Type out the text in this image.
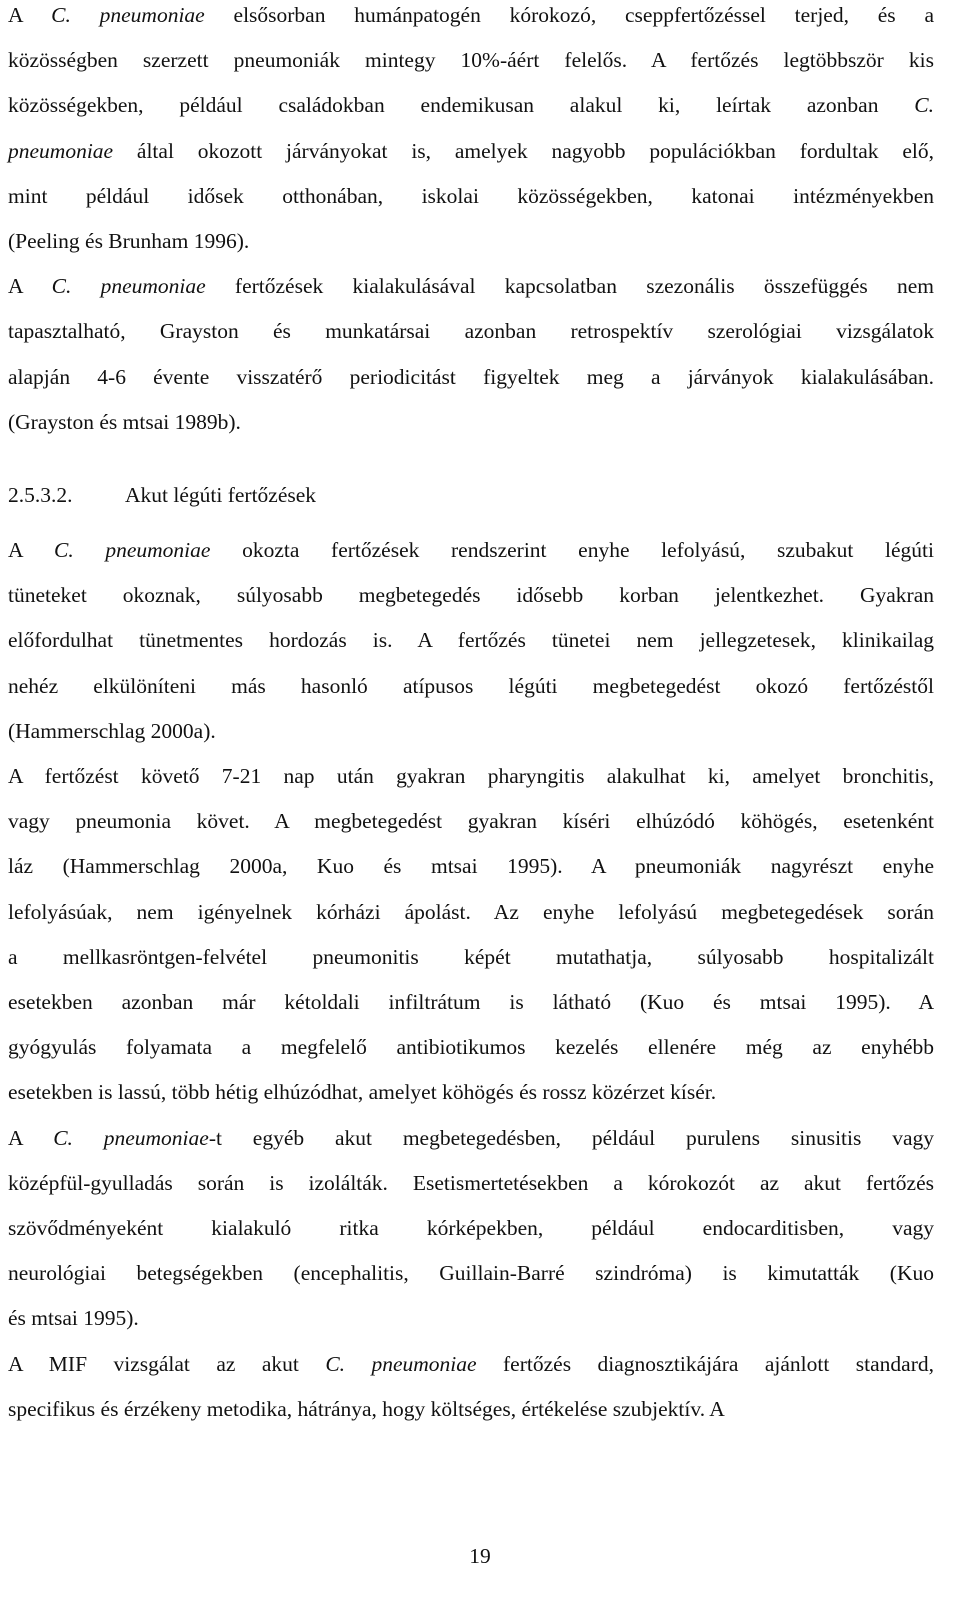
A C. pneumoniae elsősorban humánpatogén kórokozó, cseppfertőzéssel terjed, és a
közösségben szerzett pneumoniák mintegy 10%-áért felelős. A fertőzés legtöbbször kis
közösségekben, például családokban endemikusan alakul ki, leírtak azonban C.
pneumoniae által okozott járványokat is, amelyek nagyobb populációkban fordultak elő,
mint például idősek otthonában, iskolai közösségekben, katonai intézményekben
(Peeling és Brunham 1996).
A C. pneumoniae fertőzések kialakulásával kapcsolatban szezonális összefüggés nem
tapasztalható, Grayston és munkatársai azonban retrospektív szerológiai vizsgálatok
alapján 4-6 évente visszatérő periodicitást figyeltek meg a járványok kialakulásában.
(Grayston és mtsai 1989b).
A C. pneumoniae okozta fertőzések rendszerint enyhe lefolyású, szubakut légúti
tüneteket okoznak, súlyosabb megbetegedés idősebb korban jelentkezhet. Gyakran
előfordulhat tünetmentes hordozás is. A fertőzés tünetei nem jellegzetesek, klinikailag
nehéz elkülöníteni más hasonló atípusos légúti megbetegedést okozó fertőzéstől
(Hammerschlag 2000a).
A fertőzést követő 7-21 nap után gyakran pharyngitis alakulhat ki, amelyet bronchitis,
vagy pneumonia követ. A megbetegedést gyakran kíséri elhúzódó köhögés, esetenként
láz (Hammerschlag 2000a, Kuo és mtsai 1995). A pneumoniák nagyrészt enyhe
lefolyásúak, nem igényelnek kórházi ápolást. Az enyhe lefolyású megbetegedések során
a mellkasröntgen-felvétel pneumonitis képét mutathatja, súlyosabb hospitalizált
esetekben azonban már kétoldali infiltrátum is látható (Kuo és mtsai 1995). A
gyógyulás folyamata a megfelelő antibiotikumos kezelés ellenére még az enyhébb
esetekben is lassú, több hétig elhúzódhat, amelyet köhögés és rossz közérzet kísér.
A C. pneumoniae-t egyéb akut megbetegedésben, például purulens sinusitis vagy
középfül-gyulladás során is izolálták. Esetismertetésekben a kórokozót az akut fertőzés
szövődményeként kialakuló ritka kórképekben, például endocarditisben, vagy
neurológiai betegségekben (encephalitis, Guillain-Barré szindróma) is kimutatták (Kuo
és mtsai 1995).
A MIF vizsgálat az akut C. pneumoniae fertőzés diagnosztikájára ajánlott standard,
specifikus és érzékeny metodika, hátránya, hogy költséges, értékelése szubjektív. A
2.5.3.2. Akut légúti fertőzések
19
